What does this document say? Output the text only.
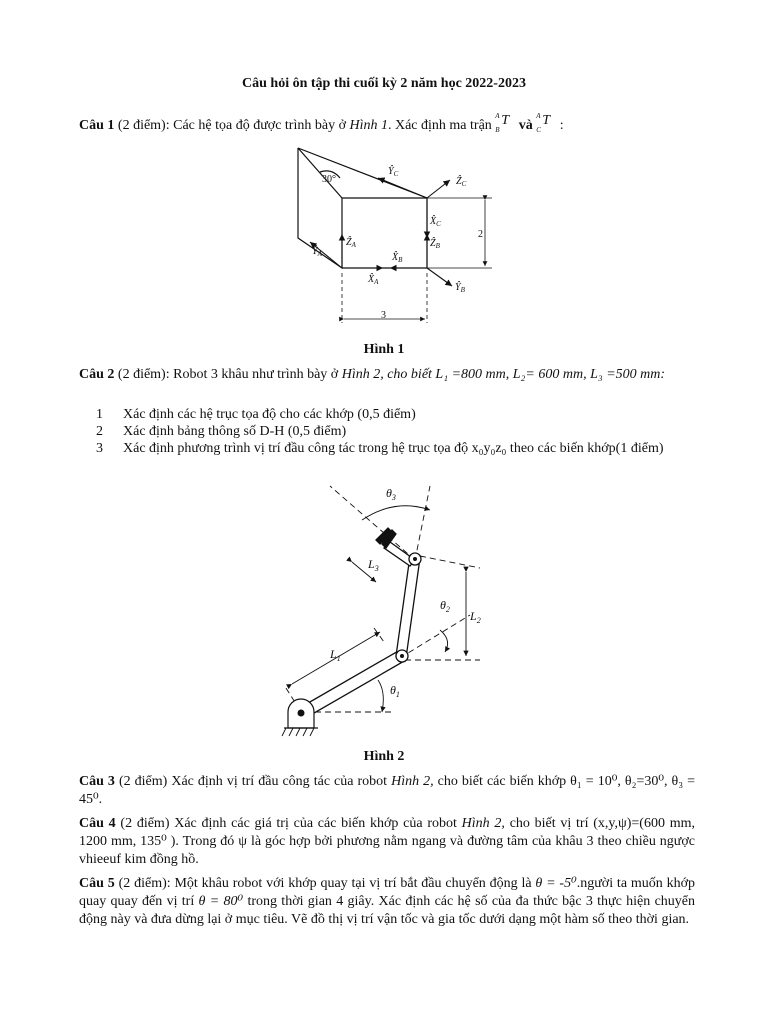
Câu hỏi ôn tập thi cuối kỳ 2 năm học 2022-2023
Câu 1 (2 điểm): Các hệ tọa độ được trình bày ở Hình 1. Xác định ma trận
A
B
T và
A
C
T :
30°
$Ŷ_C$
Ẑ$_C$
$X̂_C$
Ẑ$_A$	Ẑ$_B$
$Ŷ_A$	$X̂_B$
$X̂_A$	$Ŷ_B$
2
3
Hình 1
Câu 2 (2 điểm): Robot 3 khâu như trình bày ở Hình 2, cho biết L₁ =800 mm, L₂= 600 mm, L₃ =500 mm:
1 Xác định các hệ trục tọa độ cho các khớp (0,5 điểm)
2 Xác định bảng thông số D-H (0,5 điểm)
3 Xác định phương trình vị trí đầu công tác trong hệ trục tọa độ x₀y₀z₀ theo các biến khớp(1 điểm)
$\theta_3$
$\theta_2$
$\theta_1$
$L_1$
$L_2$
$L_3$
Hình 2
Câu 3 (2 điểm) Xác định vị trí đầu công tác của robot Hình 2, cho biết các biến khớp θ₁ = 10⁰, θ₂=30⁰, θ₃ = 45⁰.
Câu 4 (2 điểm) Xác định các giá trị của các biến khớp của robot Hình 2, cho biết vị trí (x,y,ψ)=(600 mm, 1200 mm, 135⁰ ). Trong đó ψ là góc hợp bởi phương nằm ngang và đường tâm của khâu 3 theo chiều ngược vhieeuf kim đồng hồ.
Câu 5 (2 điểm): Một khâu robot với khớp quay tại vị trí bắt đầu chuyển động là θ = -5⁰.người ta muốn khớp quay quay đến vị trí θ = 80⁰ trong thời gian 4 giây. Xác định các hệ số của đa thức bậc 3 thực hiện chuyển động này và đưa dừng lại ở mục tiêu. Vẽ đồ thị vị trí vận tốc và gia tốc dưới dạng một hàm số theo thời gian.
